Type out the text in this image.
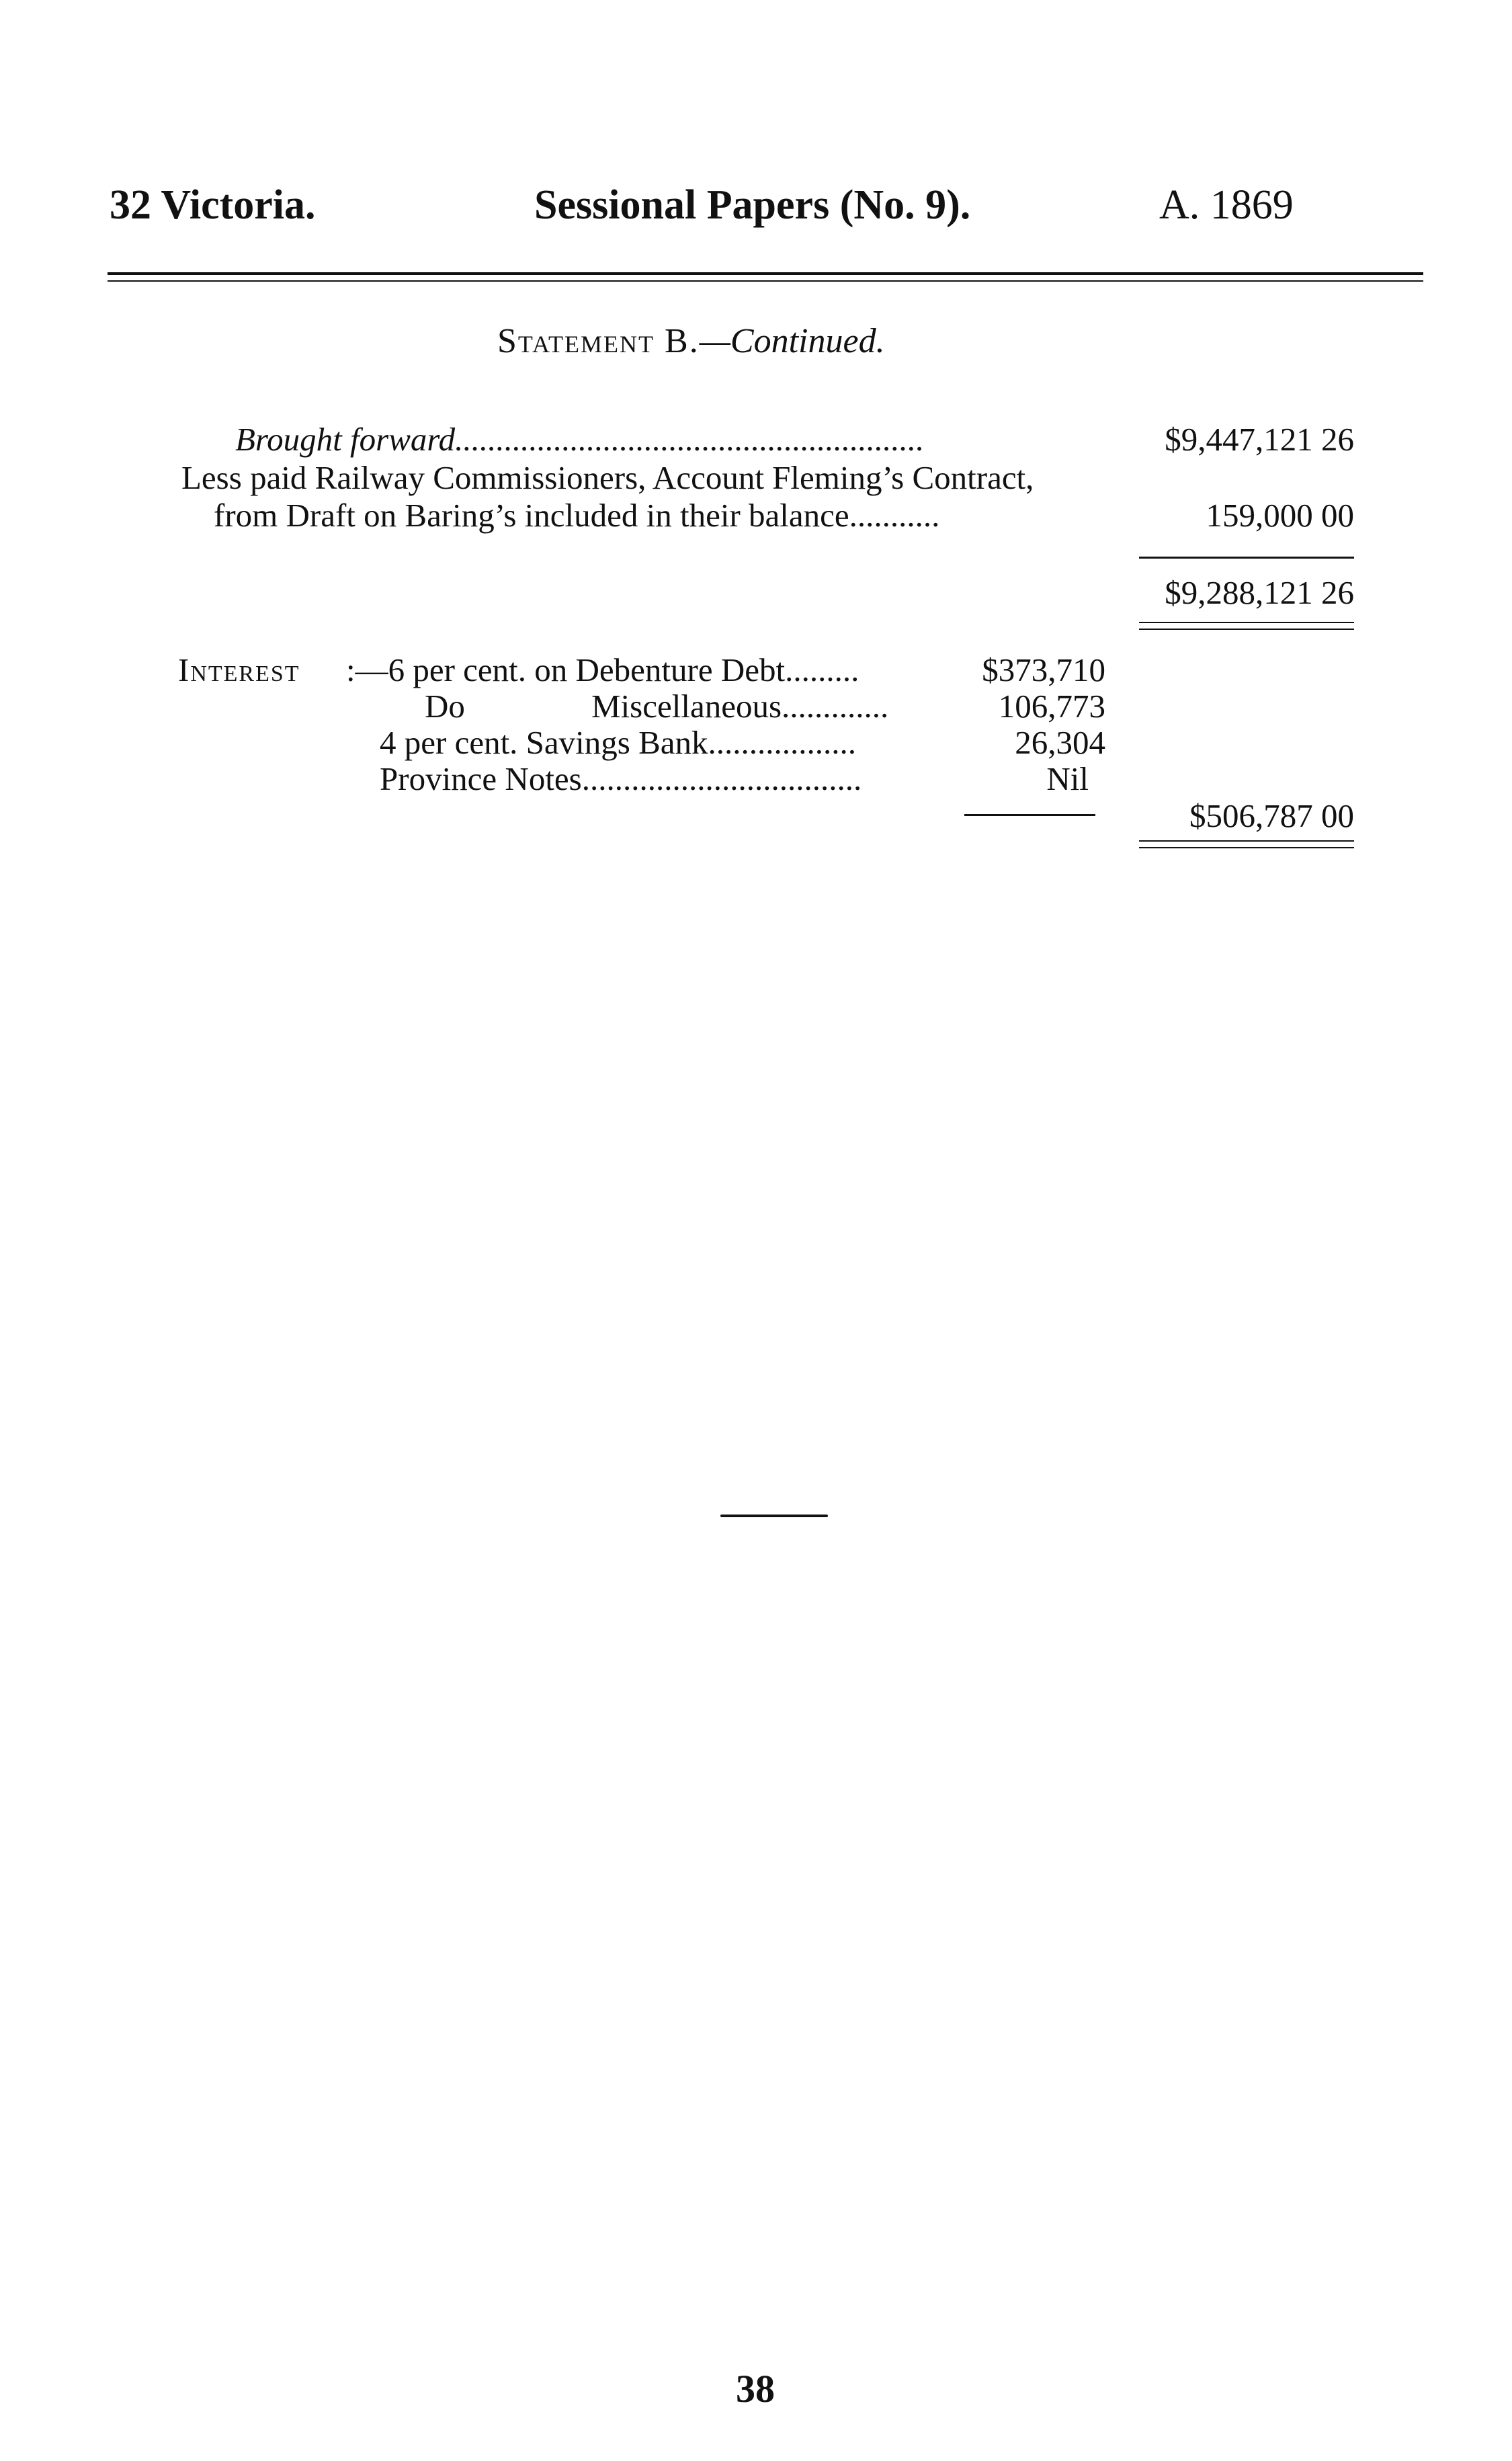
32 Victoria.	Sessional Papers (No. 9).	A. 1869
Statement B.—Continued.
Brought forward.........................................................	$9,447,121 26
Less paid Railway Commissioners, Account Fleming’s Contract,
from Draft on Baring’s included in their balance...........	159,000 00
$9,288,121 26
Interest :—6 per cent. on Debenture Debt.........	$373,710
Do	Miscellaneous.............	106,773
4 per cent. Savings Bank..................	26,304
Province Notes..................................	Nil
$506,787 00
38
